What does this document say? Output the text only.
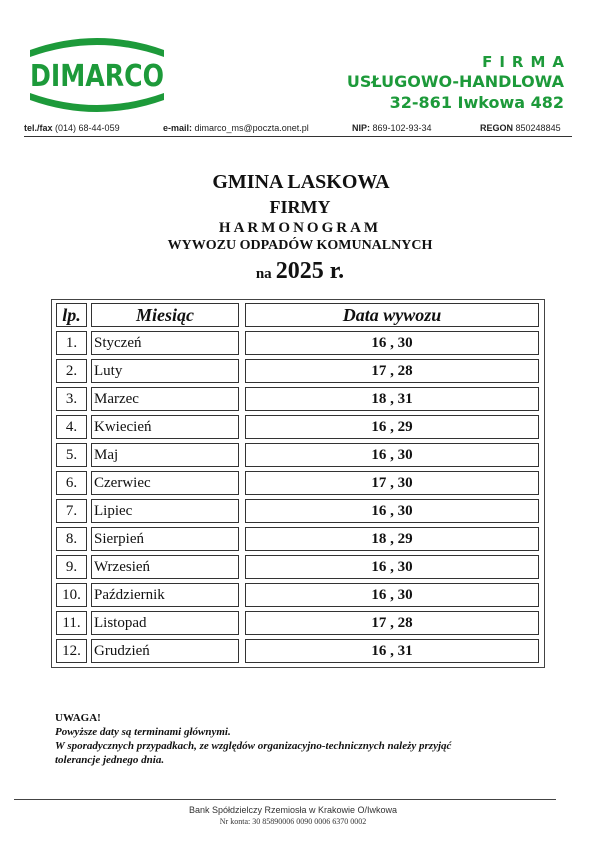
DIMARCO	FIRMA
USŁUGOWO-HANDLOWA
32-861 Iwkowa 482
tel./fax (014) 68-44-059	e-mail: dimarco_ms@poczta.onet.pl	NIP: 869-102-93-34	REGON 850248845
GMINA LASKOWA
FIRMY
HARMONOGRAM
WYWOZU ODPADÓW KOMUNALNYCH
na 2025 r.
lp.	Miesiąc	Data wywozu
1.	Styczeń	16 , 30
2.	Luty	17 , 28
3.	Marzec	18 , 31
4.	Kwiecień	16 , 29
5.	Maj	16 , 30
6.	Czerwiec	17 , 30
7.	Lipiec	16 , 30
8.	Sierpień	18 , 29
9.	Wrzesień	16 , 30
10. Październik	16 , 30
11. Listopad	17 , 28
12. Grudzień	16 , 31
UWAGA!
Powyższe daty są terminami głównymi.
W sporadycznych przypadkach, ze względów organizacyjno-technicznych należy przyjąć
tolerancje jednego dnia.
Bank Spółdzielczy Rzemiosła w Krakowie O/Iwkowa
Nr konta: 30 85890006 0090 0006 6370 0002
